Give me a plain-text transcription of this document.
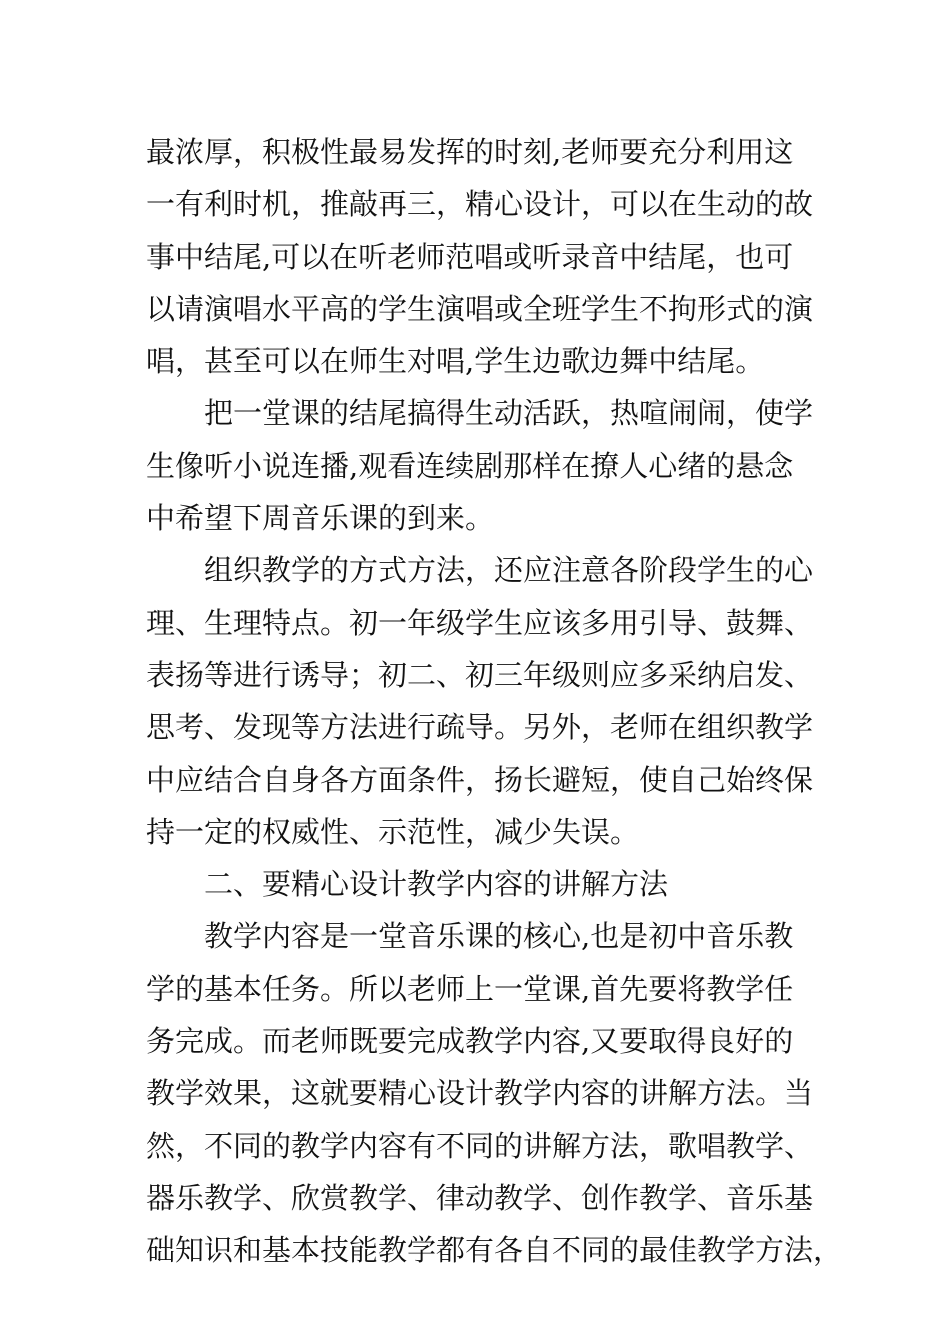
最浓厚，积极性最易发挥的时刻,老师要充分利用这
一有利时机，推敲再三，精心设计，可以在生动的故
事中结尾,可以在听老师范唱或听录音中结尾，也可
以请演唱水平高的学生演唱或全班学生不拘形式的演
唱，甚至可以在师生对唱,学生边歌边舞中结尾。
把一堂课的结尾搞得生动活跃，热喧闹闹，使学
生像听小说连播,观看连续剧那样在撩人心绪的悬念
中希望下周音乐课的到来。
组织教学的方式方法，还应注意各阶段学生的心
理、生理特点。初一年级学生应该多用引导、鼓舞、
表扬等进行诱导；初二、初三年级则应多采纳启发、
思考、发现等方法进行疏导。另外，老师在组织教学
中应结合自身各方面条件，扬长避短，使自己始终保
持一定的权威性、示范性，减少失误。
二、要精心设计教学内容的讲解方法
教学内容是一堂音乐课的核心,也是初中音乐教
学的基本任务。所以老师上一堂课,首先要将教学任
务完成。而老师既要完成教学内容,又要取得良好的
教学效果，这就要精心设计教学内容的讲解方法。当
然，不同的教学内容有不同的讲解方法，歌唱教学、
器乐教学、欣赏教学、律动教学、创作教学、音乐基
础知识和基本技能教学都有各自不同的最佳教学方法，
